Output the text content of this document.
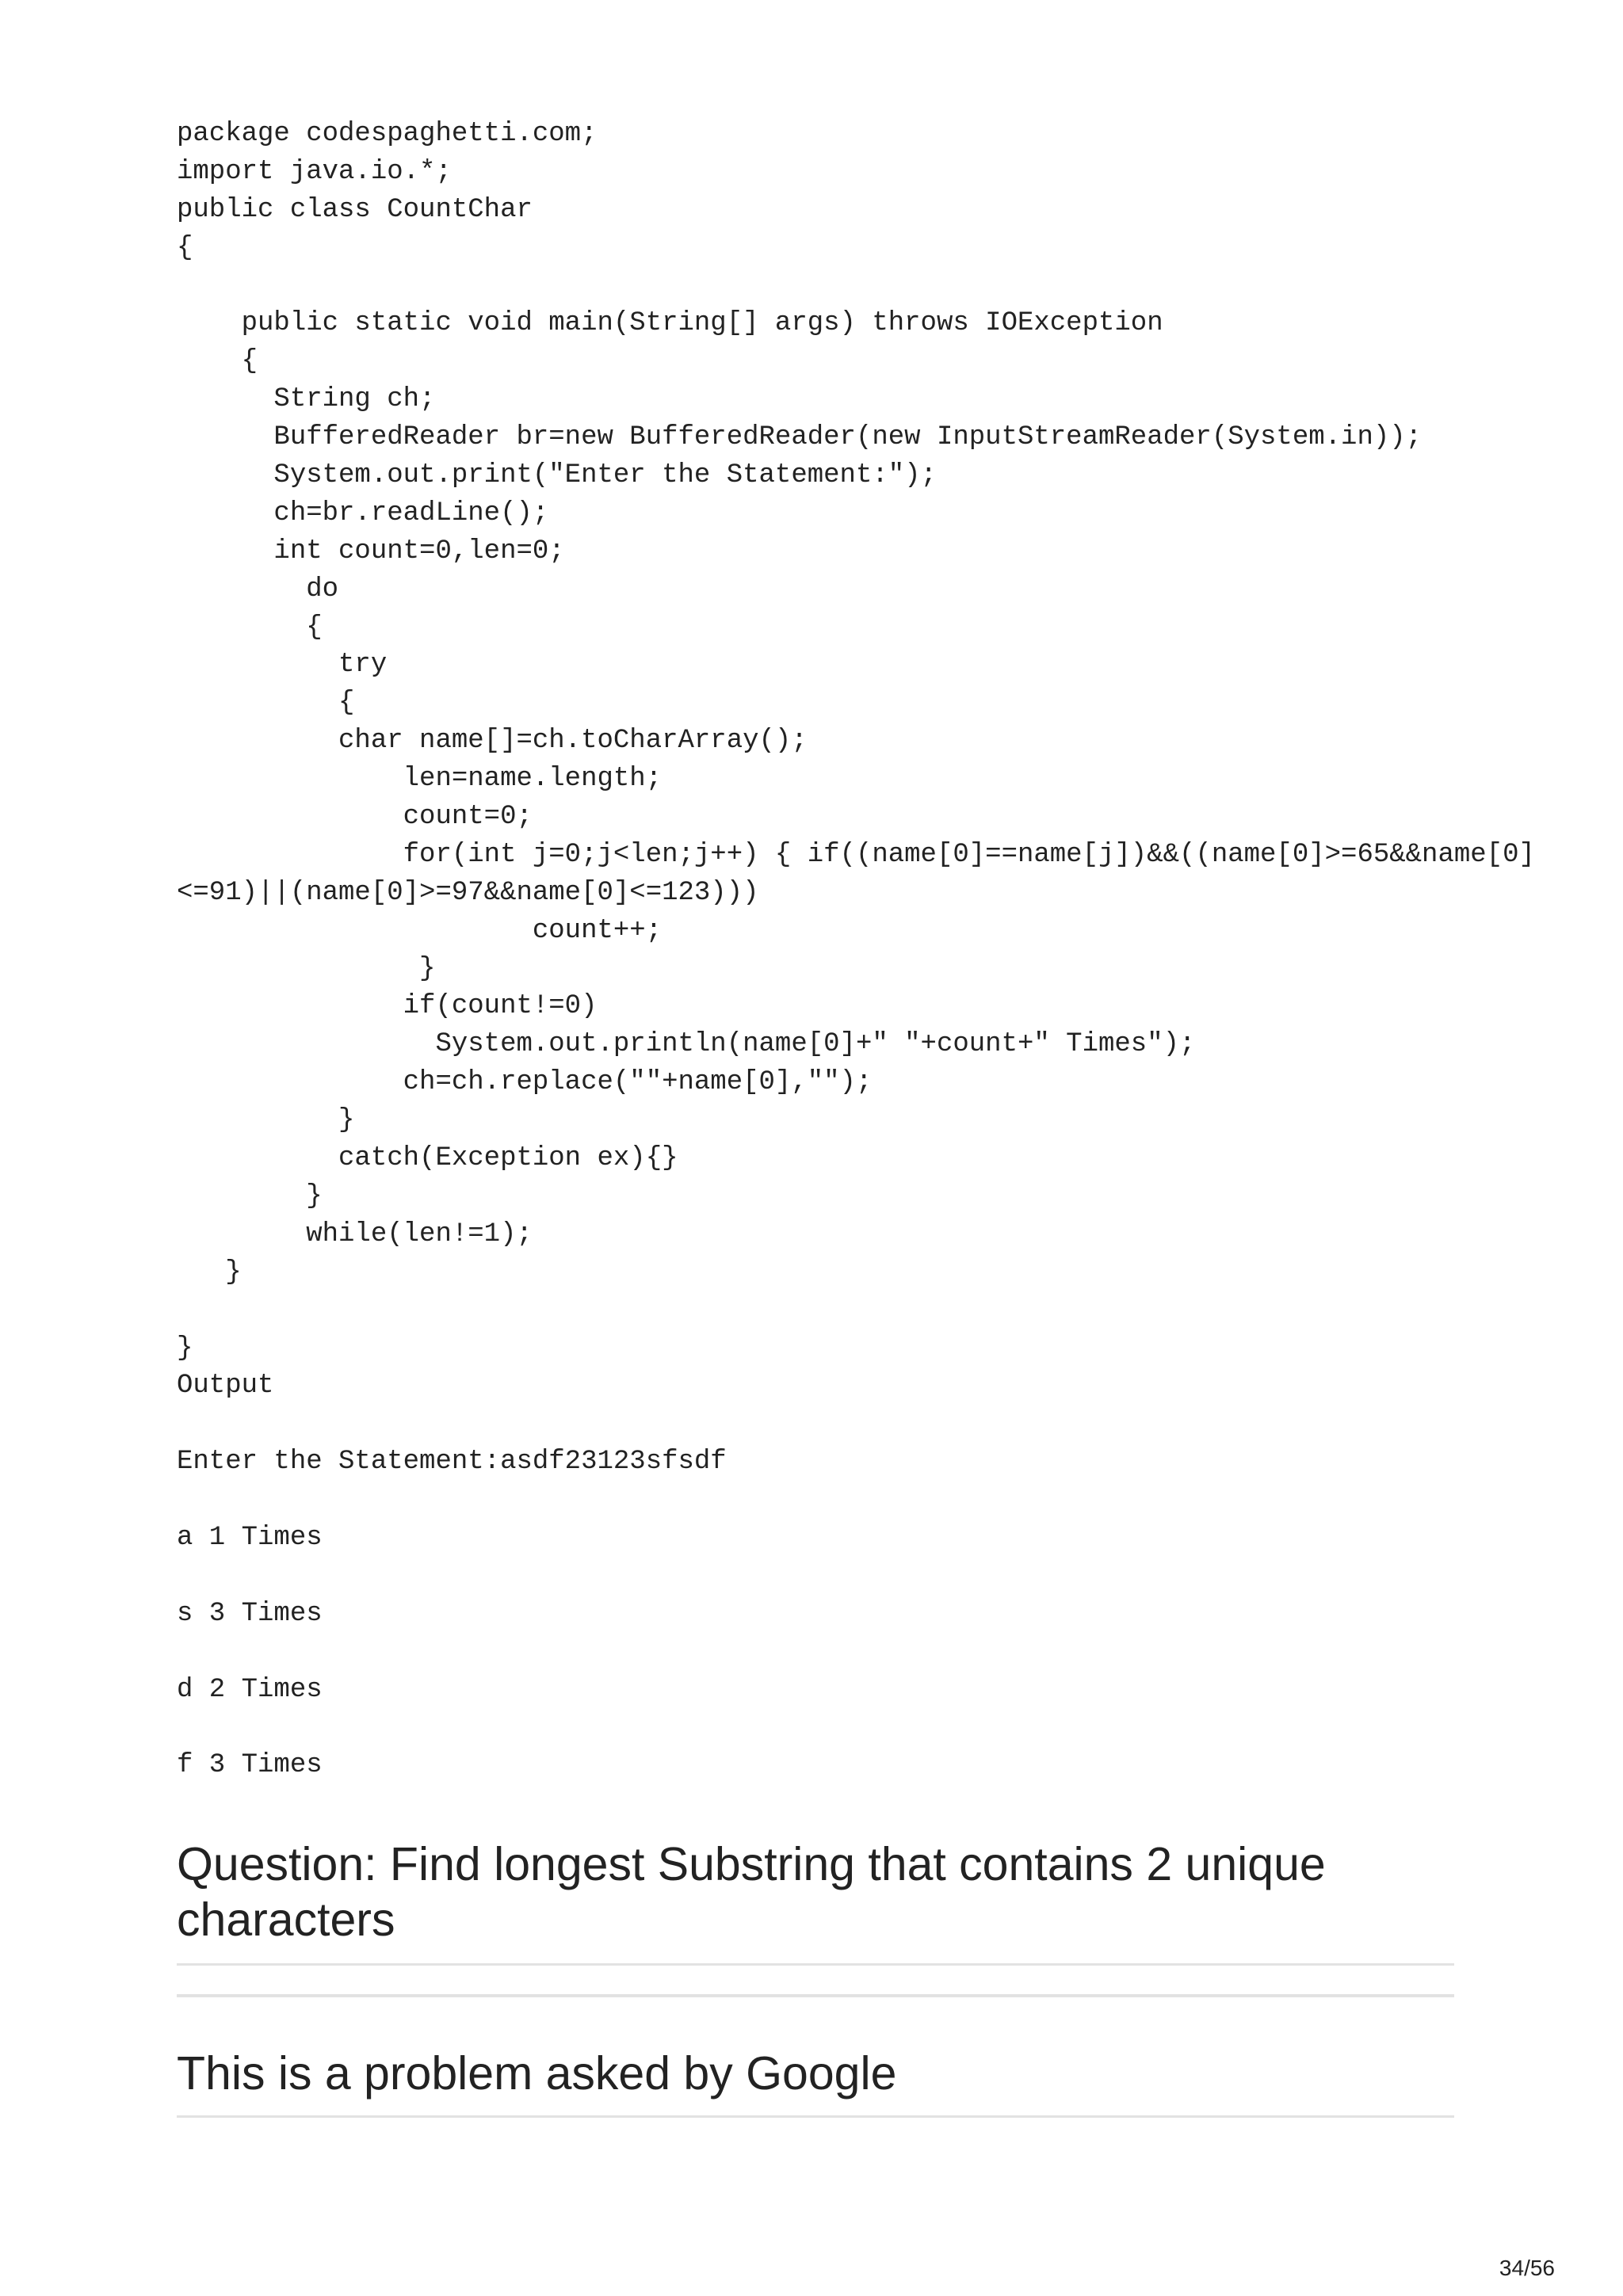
package codespaghetti.com;
import java.io.*;
public class CountChar
{
public static void main(String[] args) throws IOException
{
String ch;
BufferedReader br=new BufferedReader(new InputStreamReader(System.in));
System.out.print("Enter the Statement:");
ch=br.readLine();
int count=0,len=0;
do
{
try
{
char name[]=ch.toCharArray();
len=name.length;
count=0;
for(int j=0;j<len;j++) { if((name[0]==name[j])&&((name[0]>=65&&name[0]
<=91)||(name[0]>=97&&name[0]<=123)))
count++;
}
if(count!=0)
System.out.println(name[0]+" "+count+" Times");
ch=ch.replace(""+name[0],"");
}
catch(Exception ex){}
}
while(len!=1);
}
}
Output
Enter the Statement:asdf23123sfsdf
a 1 Times
s 3 Times
d 2 Times
f 3 Times
Question: Find longest Substring that contains 2 unique characters
This is a problem asked by Google
34/56
